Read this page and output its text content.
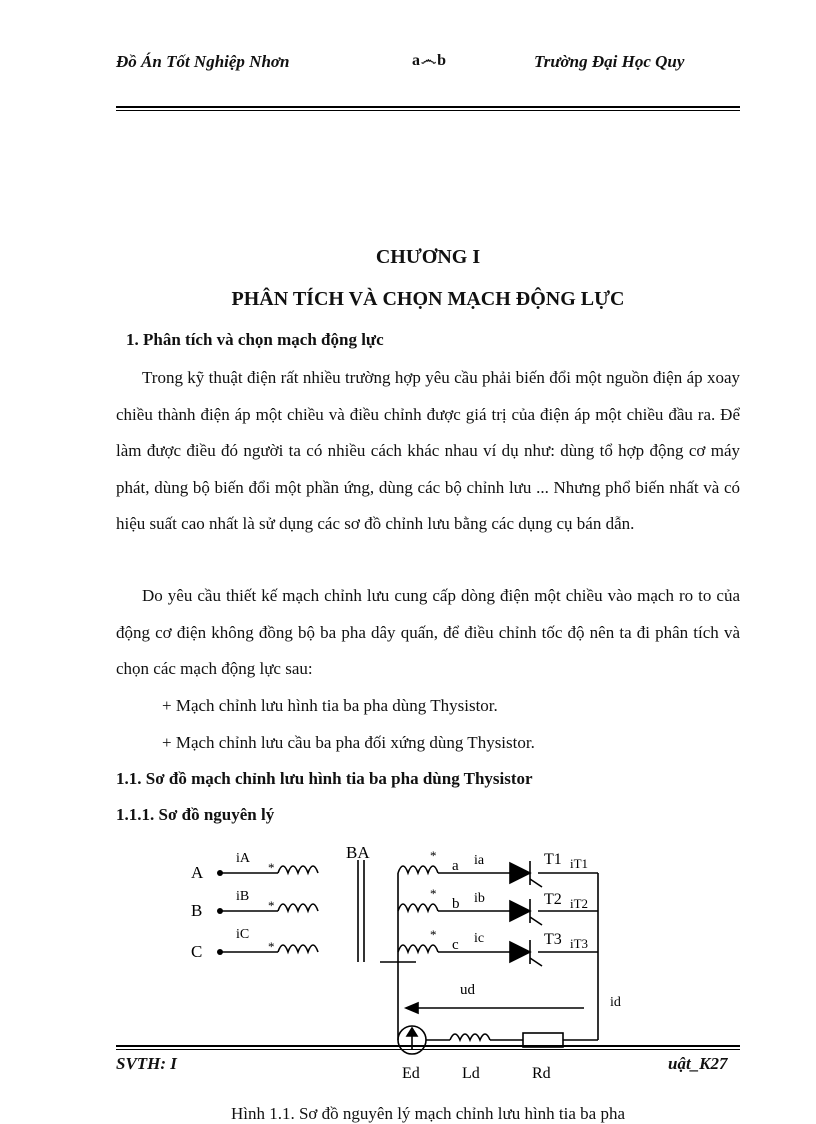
Đồ Án Tốt Nghiệp Nhơn	a෴b	Trường Đại Học Quy
CHƯƠNG I
PHÂN TÍCH VÀ CHỌN MẠCH ĐỘNG LỰC
1. Phân tích và chọn mạch động lực
Trong kỹ thuật điện rất nhiều trường hợp yêu cầu phải biến đổi một nguồn điện áp xoay chiều thành điện áp một chiều và điều chỉnh được giá trị của điện áp một chiều đầu ra. Để làm được điều đó người ta có nhiều cách khác nhau ví dụ như: dùng tổ hợp động cơ máy phát, dùng bộ biến đổi một phần ứng, dùng các bộ chỉnh lưu ... Nhưng phổ biến nhất và có hiệu suất cao nhất là sử dụng các sơ đồ chỉnh lưu bằng các dụng cụ bán dẫn.
Do yêu cầu thiết kế mạch chỉnh lưu cung cấp dòng điện một chiều vào mạch ro to của động cơ điện không đồng bộ ba pha dây quấn, để điều chỉnh tốc độ nên ta đi phân tích và chọn các mạch động lực sau:
+ Mạch chỉnh lưu hình tia ba pha dùng Thysistor.
+ Mạch chỉnh lưu cầu ba pha đối xứng dùng Thysistor.
1.1. Sơ đồ mạch chỉnh lưu hình tia ba pha dùng Thysistor
1.1.1. Sơ đồ nguyên lý
A
B
C
iA
iB
iC
*
*
*
BA	*
*
*
a
b
c
ia
ib
ic
T1
T2
T3
iT1
iT2
iT3
ud
id
Ed	Ld	Rd
SVTH: I	uật_K27
Hình 1.1. Sơ đồ nguyên lý mạch chỉnh lưu hình tia ba pha
